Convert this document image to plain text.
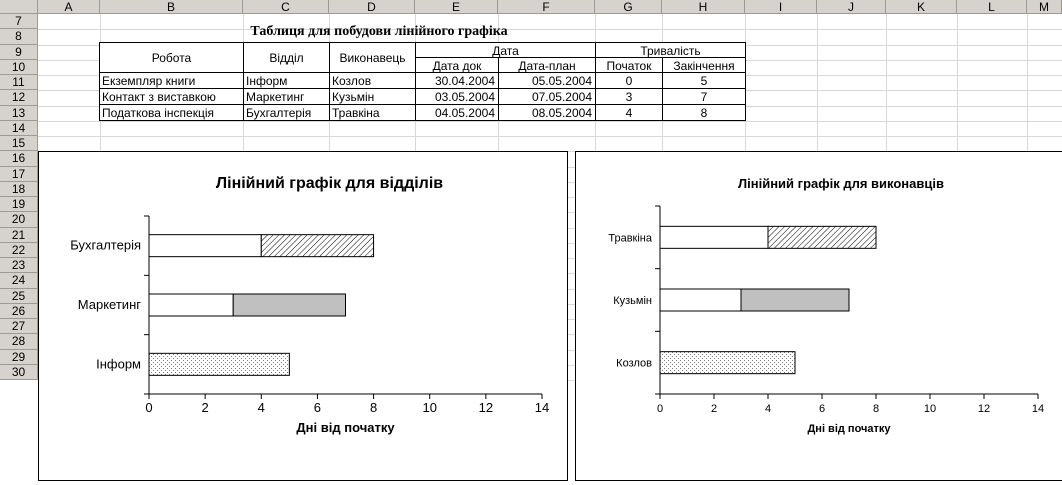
A	B	C	D	E	F	G	H	I	J	K	L	M
7
8
9
10
11
12
13
14
15
16
17
18
19
20
21
22
23
24
25
26
27
28
29
30
Таблиця для побудови лінійного графіка
Робота	Відділ	Виконавець	Дата	Тривалість
Дата док	Дата-план	Початок	Закінчення
Екземпляр книги	Інформ	Козлов	30.04.2004	05.05.2004	0	5
Контакт з виставкою	Маркетинг	Кузьмін	03.05.2004	07.05.2004	3	7
Податкова інспекція	Бухгалтерія	Травкіна	04.05.2004	08.05.2004	4	8
Лінійний графік для відділів
0	2	4	6	8	10	12	14
Дні від початку
Інформ
Маркетинг
Бухгалтерія
Лінійний графік для виконавців
0	2	4	6	8	10	12	14
Дні від початку
Козлов
Кузьмін
Травкіна
